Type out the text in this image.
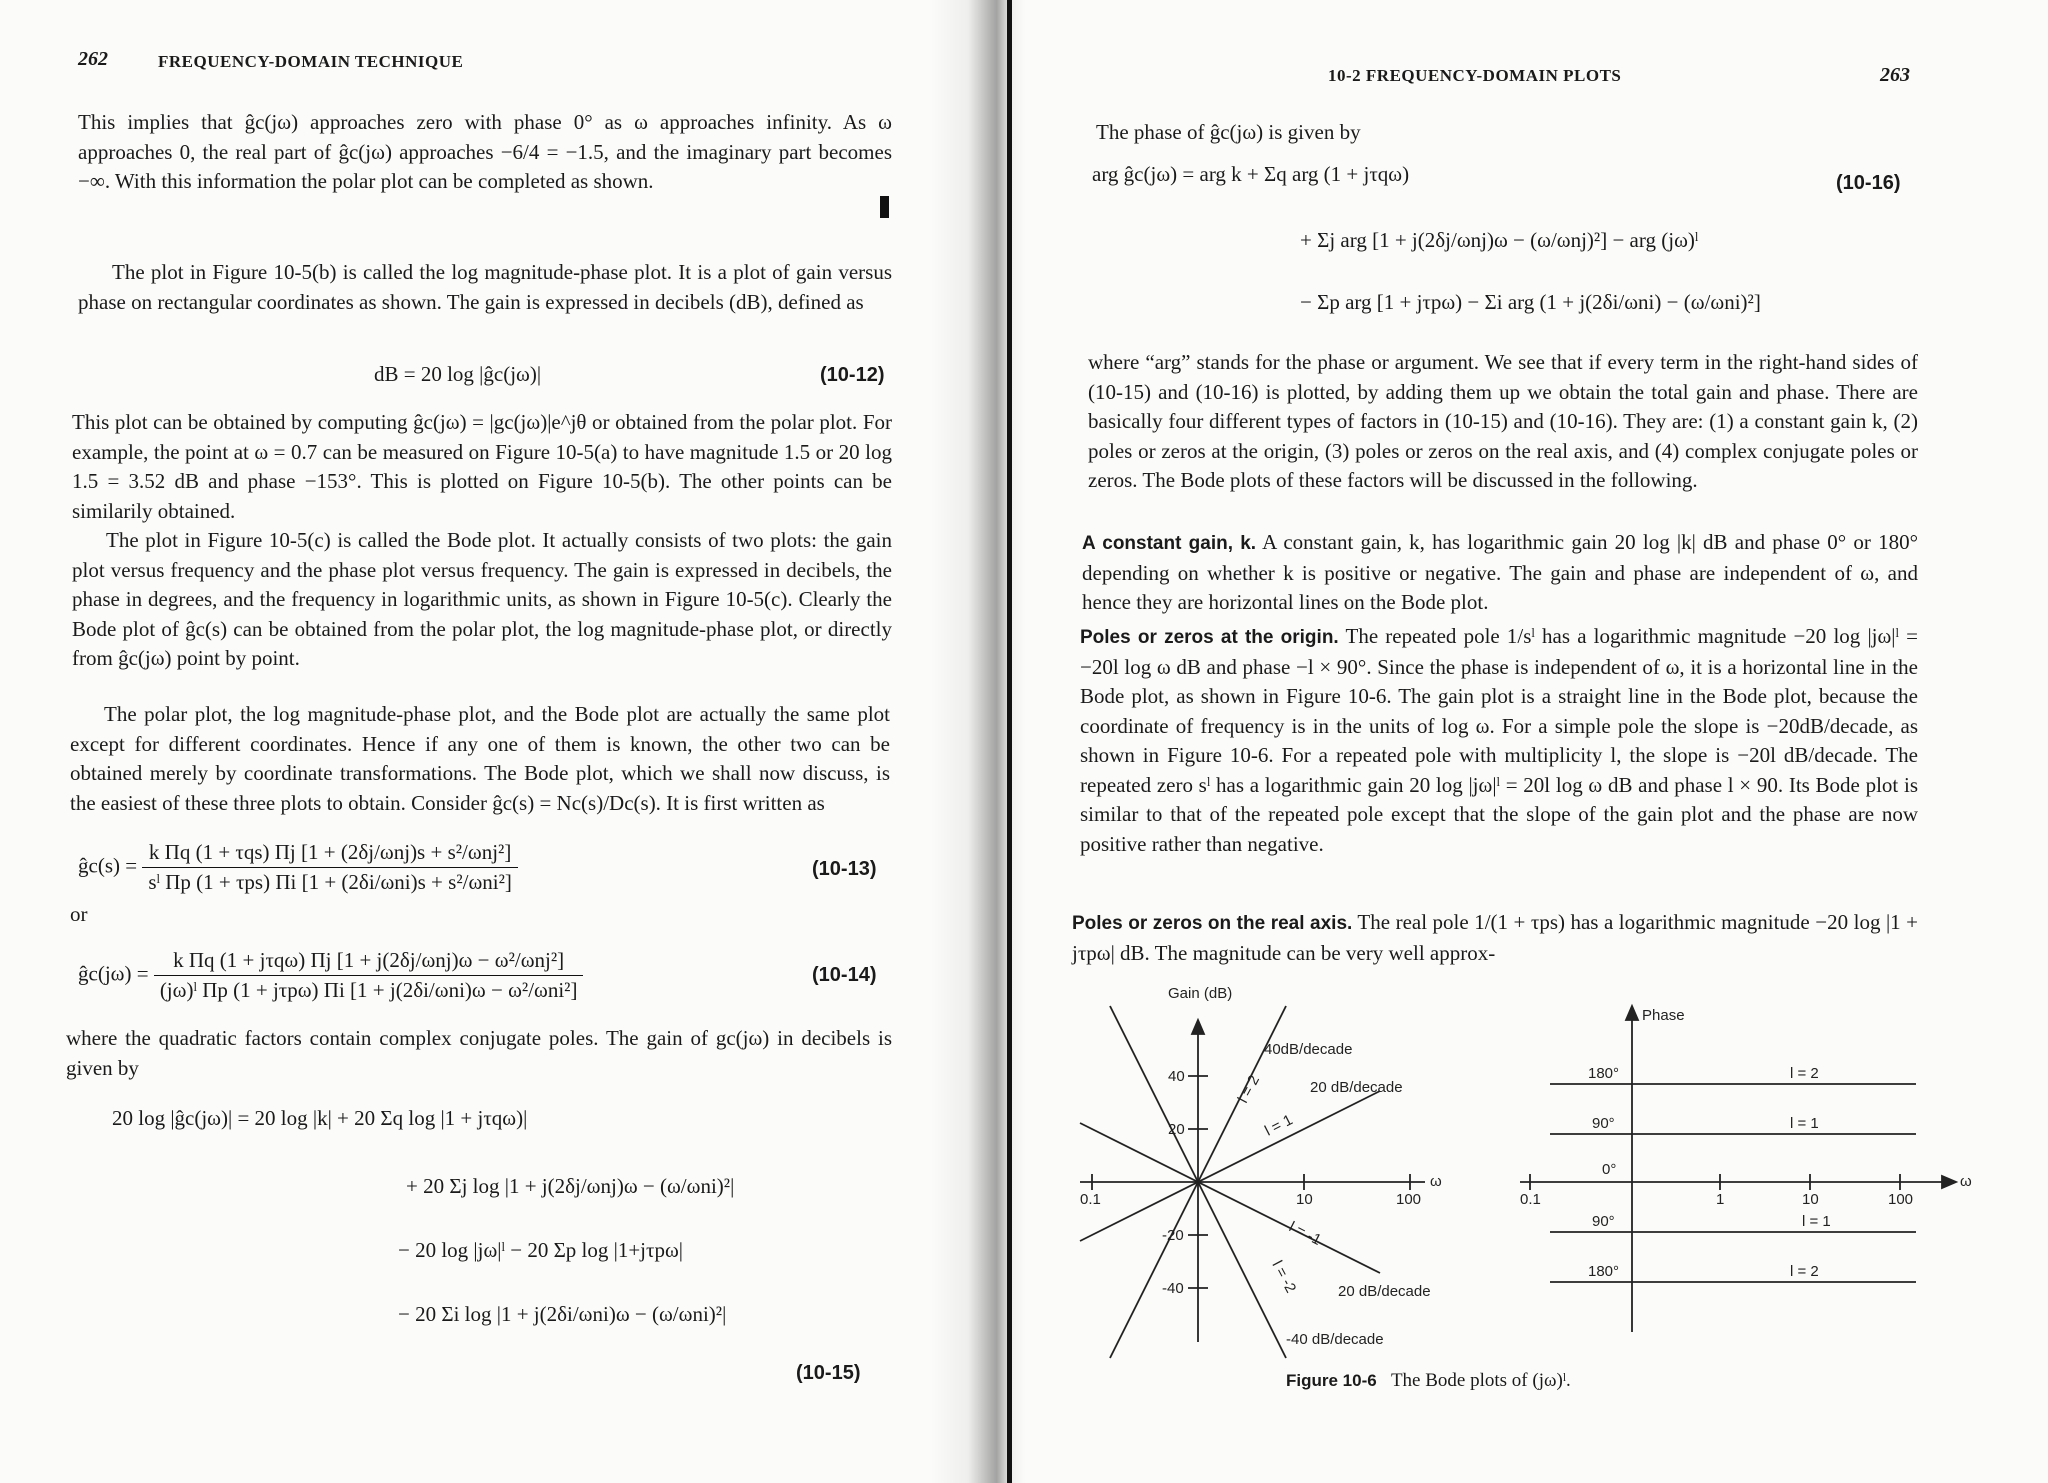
262	FREQUENCY-DOMAIN TECHNIQUE

This implies that ĝc(jω) approaches zero with phase 0° as ω approaches infinity. As ω approaches 0, the real part of ĝc(jω) approaches −6/4 = −1.5, and the imaginary part becomes −∞. With this information the polar plot can be completed as shown.

The plot in Figure 10-5(b) is called the log magnitude-phase plot. It is a plot of gain versus phase on rectangular coordinates as shown. The gain is expressed in decibels (dB), defined as

dB = 20 log |ĝc(jω)|	(10-12)

This plot can be obtained by computing ĝc(jω) = |gc(jω)|e^jθ or obtained from the polar plot. For example, the point at ω = 0.7 can be measured on Figure 10-5(a) to have magnitude 1.5 or 20 log 1.5 = 3.52 dB and phase −153°. This is plotted on Figure 10-5(b). The other points can be similarily obtained.

The plot in Figure 10-5(c) is called the Bode plot. It actually consists of two plots: the gain plot versus frequency and the phase plot versus frequency. The gain is expressed in decibels, the phase in degrees, and the frequency in logarithmic units, as shown in Figure 10-5(c). Clearly the Bode plot of ĝc(s) can be obtained from the polar plot, the log magnitude-phase plot, or directly from ĝc(jω) point by point.

The polar plot, the log magnitude-phase plot, and the Bode plot are actually the same plot except for different coordinates. Hence if any one of them is known, the other two can be obtained merely by coordinate transformations. The Bode plot, which we shall now discuss, is the easiest of these three plots to obtain. Consider ĝc(s) = Nc(s)/Dc(s). It is first written as

ĝc(s) = $\frac{\text{k Πq (1 + τqs) Πj [1 + (2δj/ωnj)s + s²/ωnj²]}}{\text{sˡ Πp (1 + τps) Πi [1 + (2δi/ωni)s + s²/ωni²]}}$	(10-13)
or
ĝc(jω) = $\frac{\text{k Πq (1 + jτqω) Πj [1 + j(2δj/ωnj)ω − ω²/ωnj²]}}{\text{(jω)ˡ Πp (1 + jτpω) Πi [1 + j(2δi/ωni)ω − ω²/ωni²]}}$	(10-14)

where the quadratic factors contain complex conjugate poles. The gain of gc(jω) in decibels is given by

20 log |ĝc(jω)| = 20 log |k| + 20 Σq log |1 + jτqω)|
+ 20 Σj log |1 + j(2δj/ωnj)ω − (ω/ωni)²|
− 20 log |jω|ˡ − 20 Σp log |1+jτpω|
− 20 Σi log |1 + j(2δi/ωni)ω − (ω/ωni)²|
(10-15)
10-2 FREQUENCY-DOMAIN PLOTS	263

The phase of ĝc(jω) is given by

arg ĝc(jω) = arg k + Σq arg (1 + jτqω)	(10-16)
+ Σj arg [1 + j(2δj/ωnj)ω − (ω/ωnj)²] − arg (jω)ˡ
− Σp arg [1 + jτpω) − Σi arg (1 + j(2δi/ωni) − (ω/ωni)²]

where “arg” stands for the phase or argument. We see that if every term in the right-hand sides of (10-15) and (10-16) is plotted, by adding them up we obtain the total gain and phase. There are basically four different types of factors in (10-15) and (10-16). They are: (1) a constant gain k, (2) poles or zeros at the origin, (3) poles or zeros on the real axis, and (4) complex conjugate poles or zeros. The Bode plots of these factors will be discussed in the following.

A constant gain, k. A constant gain, k, has logarithmic gain 20 log |k| dB and phase 0° or 180° depending on whether k is positive or negative. The gain and phase are independent of ω, and hence they are horizontal lines on the Bode plot.

Poles or zeros at the origin. The repeated pole 1/sˡ has a logarithmic magnitude −20 log |jω|ˡ = −20l log ω dB and phase −l × 90°. Since the phase is independent of ω, it is a horizontal line in the Bode plot, as shown in Figure 10-6. The gain plot is a straight line in the Bode plot, because the coordinate of frequency is in the units of log ω. For a simple pole the slope is −20dB/decade, as shown in Figure 10-6. For a repeated pole with multiplicity l, the slope is −20l dB/decade. The repeated zero sˡ has a logarithmic gain 20 log |jω|ˡ = 20l log ω dB and phase l × 90. Its Bode plot is similar to that of the repeated pole except that the slope of the gain plot and the phase are now positive rather than negative.

Poles or zeros on the real axis. The real pole 1/(1 + τps) has a logarithmic magnitude −20 log |1 + jτpω| dB. The magnitude can be very well approx-

Gain (dB)
40
20
-20
-40
0.1	10	100
ω
40dB/decade
20 dB/decade
20 dB/decade
-40 dB/decade
l = 2
l = 1
l = -1
l = -2
Phase
180°
90°
0°
90°
180°
0.1	1	10	100
ω
l = 2
l = 1
l = 1
l = 2
Figure 10-6 The Bode plots of (jω)ˡ.
